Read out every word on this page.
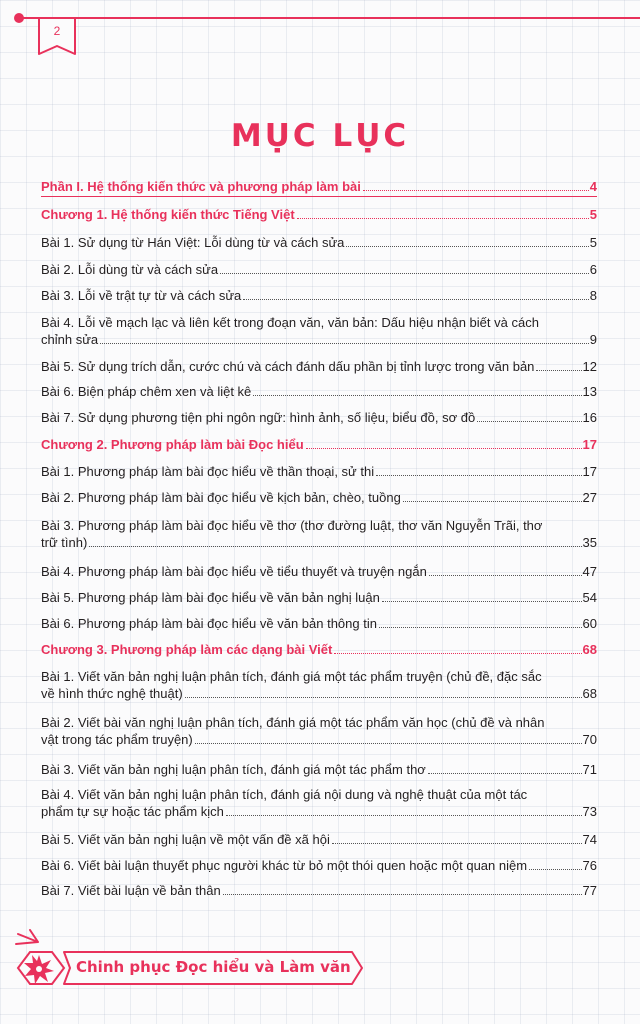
2
MỤC LỤC
Phần I. Hệ thống kiến thức và phương pháp làm bài	4
Chương 1. Hệ thống kiến thức Tiếng Việt	5
Bài 1. Sử dụng từ Hán Việt: Lỗi dùng từ và cách sửa	5
Bài 2. Lỗi dùng từ và cách sửa	6
Bài 3. Lỗi về trật tự từ và cách sửa	8
Bài 4. Lỗi về mạch lạc và liên kết trong đoạn văn, văn bản: Dấu hiệu nhận biết và cách
chỉnh sửa	9
Bài 5. Sử dụng trích dẫn, cước chú và cách đánh dấu phần bị tỉnh lược trong văn bản	12
Bài 6. Biện pháp chêm xen và liệt kê	13
Bài 7. Sử dụng phương tiện phi ngôn ngữ: hình ảnh, số liệu, biểu đồ, sơ đồ	16
Chương 2. Phương pháp làm bài Đọc hiểu	17
Bài 1. Phương pháp làm bài đọc hiểu về thần thoại, sử thi	17
Bài 2. Phương pháp làm bài đọc hiểu về kịch bản, chèo, tuồng	27
Bài 3. Phương pháp làm bài đọc hiểu về thơ (thơ đường luật, thơ văn Nguyễn Trãi, thơ
trữ tình)	35
Bài 4. Phương pháp làm bài đọc hiểu về tiểu thuyết và truyện ngắn	47
Bài 5. Phương pháp làm bài đọc hiểu về văn bản nghị luận	54
Bài 6. Phương pháp làm bài đọc hiểu về văn bản thông tin	60
Chương 3. Phương pháp làm các dạng bài Viết	68
Bài 1. Viết văn bản nghị luận phân tích, đánh giá một tác phẩm truyện (chủ đề, đặc sắc
về hình thức nghệ thuật)	68
Bài 2. Viết bài văn nghị luận phân tích, đánh giá một tác phẩm văn học (chủ đề và nhân
vật trong tác phẩm truyện)	70
Bài 3. Viết văn bản nghị luận phân tích, đánh giá một tác phẩm thơ	71
Bài 4. Viết văn bản nghị luận phân tích, đánh giá nội dung và nghệ thuật của một tác
phẩm tự sự hoặc tác phẩm kịch	73
Bài 5. Viết văn bản nghị luận về một vấn đề xã hội	74
Bài 6. Viết bài luận thuyết phục người khác từ bỏ một thói quen hoặc một quan niệm	76
Bài 7. Viết bài luận về bản thân	77
Chinh phục Đọc hiểu và Làm văn
